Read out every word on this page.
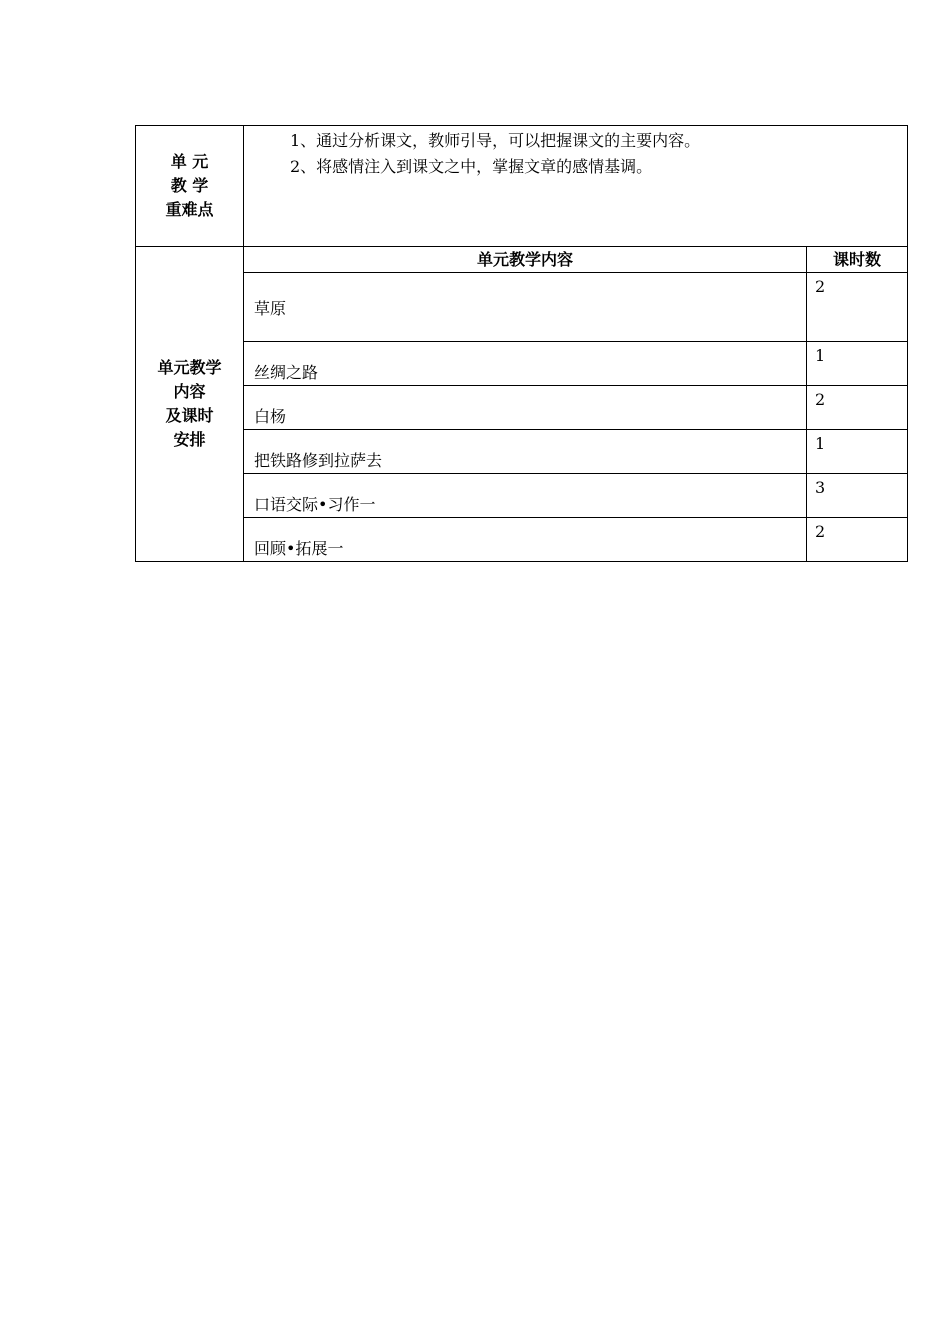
单 元
教 学
重难点	1、通过分析课文，教师引导，可以把握课文的主要内容。
2、将感情注入到课文之中，掌握文章的感情基调。	

单元教学
内容
及课时
安排	单元教学内容	课时数
	草原	2
	丝绸之路	1
	白杨	2
	把铁路修到拉萨去	1
	口语交际•习作一	3
	回顾•拓展一	2
